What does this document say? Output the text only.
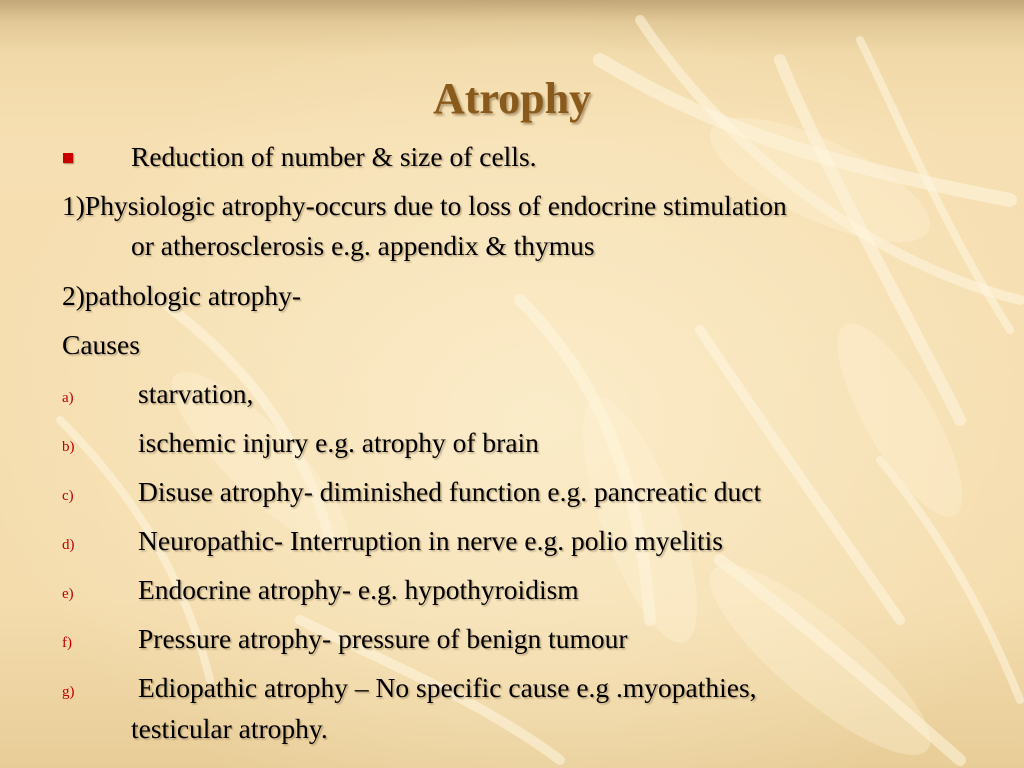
Atrophy
Reduction of number & size of cells.
1)Physiologic atrophy-occurs due to loss of endocrine stimulation
or atherosclerosis e.g. appendix & thymus
2)pathologic atrophy-
Causes
a) starvation,
b) ischemic injury e.g. atrophy of brain
c) Disuse atrophy- diminished function e.g. pancreatic duct
d) Neuropathic- Interruption in nerve e.g. polio myelitis
e) Endocrine atrophy- e.g. hypothyroidism
f) Pressure atrophy- pressure of benign tumour
g) Ediopathic atrophy – No specific cause e.g .myopathies,
testicular atrophy.
